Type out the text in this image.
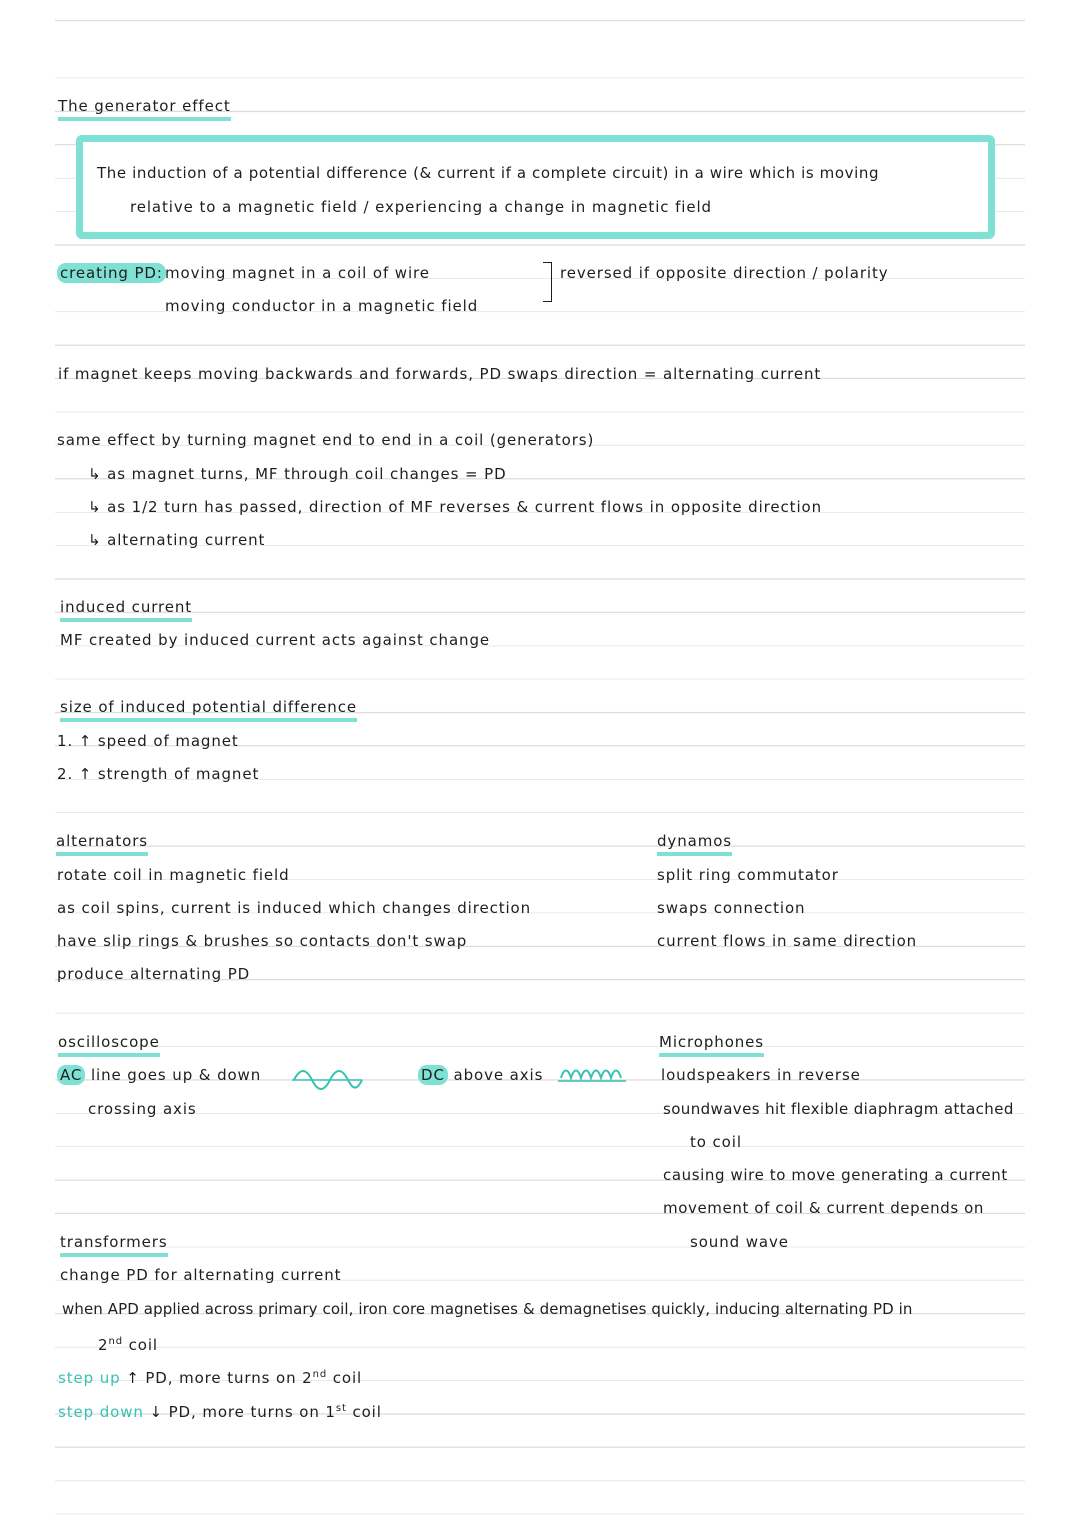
The generator effect
The induction of a potential difference (& current if a complete circuit) in a wire which is moving
relative to a magnetic field / experiencing a change in magnetic field
creating PD: moving magnet in a coil of wire
moving conductor in a magnetic field
reversed if opposite direction / polarity
if magnet keeps moving backwards and forwards, PD swaps direction = alternating current
same effect by turning magnet end to end in a coil (generators)
↳ as magnet turns, MF through coil changes = PD
↳ as 1/2 turn has passed, direction of MF reverses & current flows in opposite direction
↳ alternating current
induced current
MF created by induced current acts against change
size of induced potential difference
1. ↑ speed of magnet
2. ↑ strength of magnet
alternators
rotate coil in magnetic field
as coil spins, current is induced which changes direction
have slip rings & brushes so contacts don't swap
produce alternating PD
dynamos
split ring commutator
swaps connection
current flows in same direction
oscilloscope
AC line goes up & down
crossing axis
DC above axis
Microphones
loudspeakers in reverse
soundwaves hit flexible diaphragm attached
to coil
causing wire to move generating a current
movement of coil & current depends on
sound wave
transformers
change PD for alternating current
when APD applied across primary coil, iron core magnetises & demagnetises quickly, inducing alternating PD in
2nd coil
step up ↑ PD, more turns on 2nd coil
step down ↓ PD, more turns on 1st coil
